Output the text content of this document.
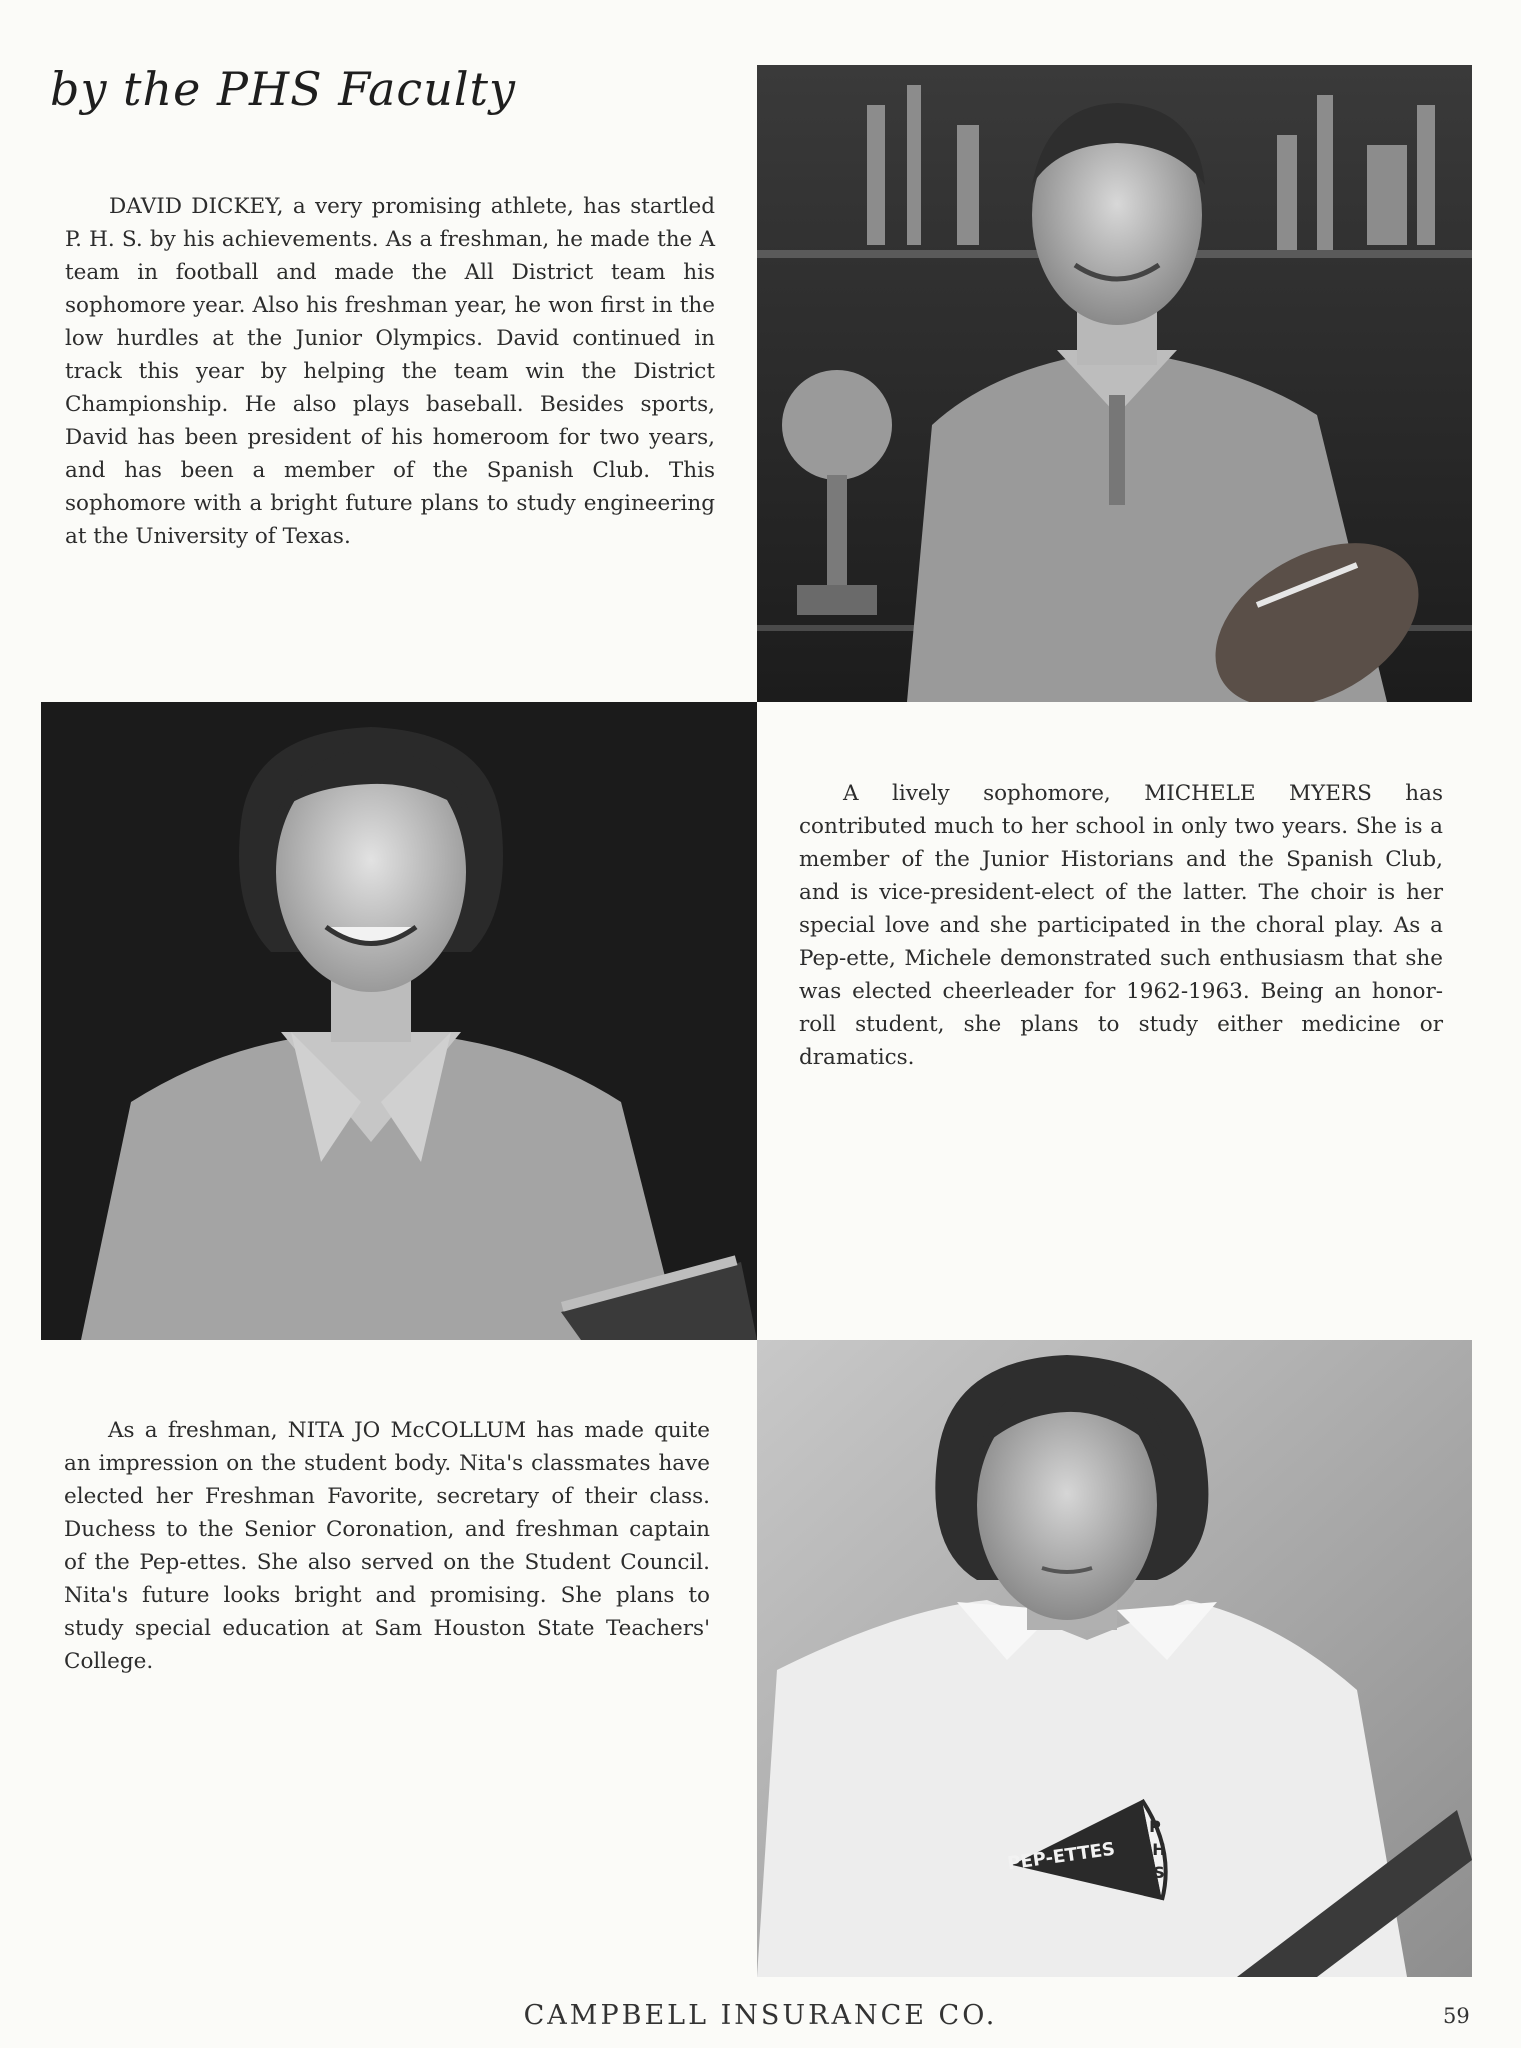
by the PHS Faculty

DAVID DICKEY, a very promising athlete, has startled P. H. S. by his achievements. As a freshman, he made the A team in football and made the All District team his sophomore year. Also his freshman year, he won first in the low hurdles at the Junior Olympics. David continued in track this year by helping the team win the District Championship. He also plays baseball. Besides sports, David has been president of his homeroom for two years, and has been a member of the Spanish Club. This sophomore with a bright future plans to study engineering at the University of Texas.

A lively sophomore, MICHELE MYERS has contributed much to her school in only two years. She is a member of the Junior Historians and the Spanish Club, and is vice-president-elect of the latter. The choir is her special love and she participated in the choral play. As a Pep-ette, Michele demonstrated such enthusiasm that she was elected cheerleader for 1962-1963. Being an honor-roll student, she plans to study either medicine or dramatics.

PEP-ETTES
P
H
S

As a freshman, NITA JO McCOLLUM has made quite an impression on the student body. Nita's classmates have elected her Freshman Favorite, secretary of their class. Duchess to the Senior Coronation, and freshman captain of the Pep-ettes. She also served on the Student Council. Nita's future looks bright and promising. She plans to study special education at Sam Houston State Teachers' College.

CAMPBELL INSURANCE CO.	59
